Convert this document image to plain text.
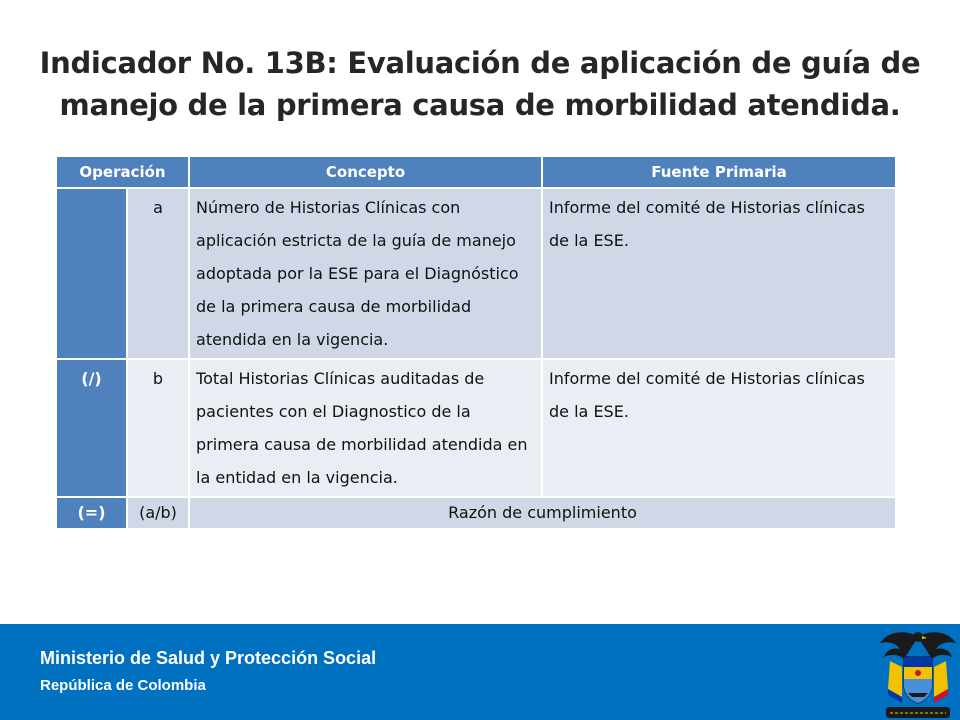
Indicador No. 13B: Evaluación de aplicación de guía de
manejo de la primera causa de morbilidad atendida.
Operación		Concepto	Fuente Primaria
	a	Número de Historias Clínicas con aplicación estricta de la guía de manejo adoptada por la ESE para el Diagnóstico de la primera causa de morbilidad atendida en la vigencia.	Informe del comité de Historias clínicas de la ESE.
(/)	b	Total Historias Clínicas auditadas de pacientes con el Diagnostico de la primera causa de morbilidad atendida en la entidad en la vigencia.	Informe del comité de Historias clínicas de la ESE.
(=)	(a/b)	Razón de cumplimiento	
Ministerio de Salud y Protección Social
República de Colombia
